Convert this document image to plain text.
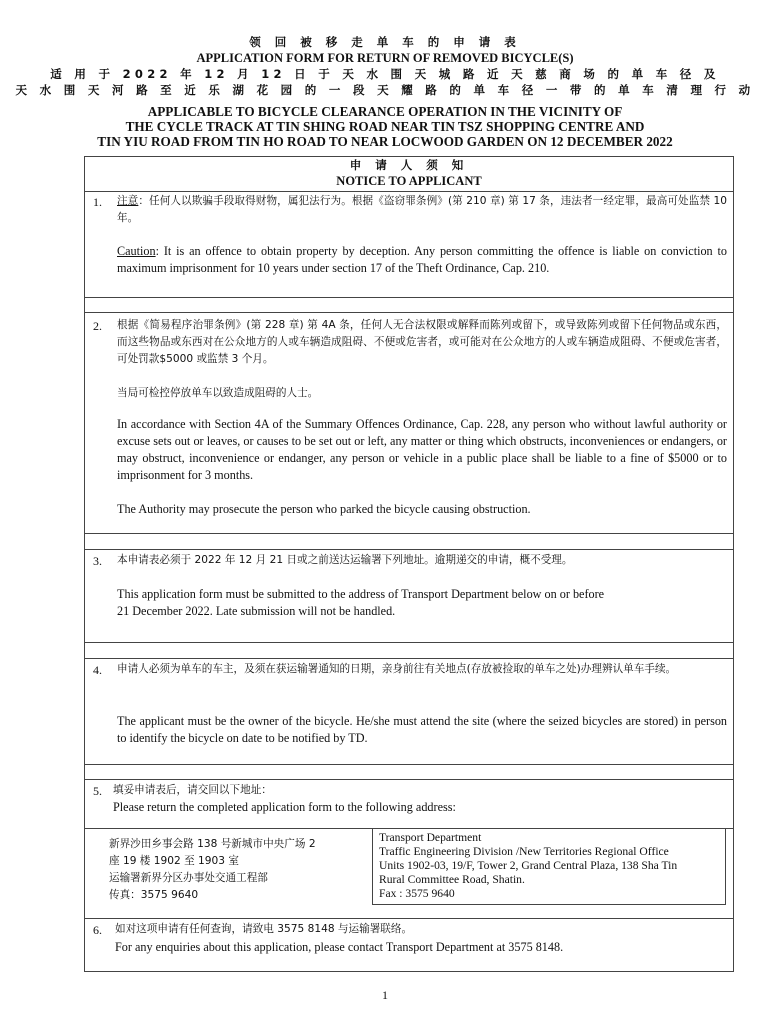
领 回 被 移 走 单 车 的 申 请 表
APPLICATION FORM FOR RETURN OF REMOVED BICYCLE(S)
适 用 于 2022 年 12 月 12 日 于 天 水 围 天 城 路 近 天 慈 商 场 的 单 车 径 及
天 水 围 天 河 路 至 近 乐 湖 花 园 的 一 段 天 耀 路 的 单 车 径 一 带 的 单 车 清 理 行 动
APPLICABLE TO BICYCLE CLEARANCE OPERATION IN THE VICINITY OF
THE CYCLE TRACK AT TIN SHING ROAD NEAR TIN TSZ SHOPPING CENTRE AND
TIN YIU ROAD FROM TIN HO ROAD TO NEAR LOCWOOD GARDEN ON 12 DECEMBER 2022
申 请 人 须 知
NOTICE TO APPLICANT
1. 注意：任何人以欺骗手段取得财物，属犯法行为。根据《盗窃罪条例》(第 210 章) 第 17 条，违法者一经定罪，最高可处监禁 10 年。
Caution: It is an offence to obtain property by deception. Any person committing the offence is liable on conviction to maximum imprisonment for 10 years under section 17 of the Theft Ordinance, Cap. 210.
2. 根据《简易程序治罪条例》(第 228 章) 第 4A 条，任何人无合法权限或解释而陈列或留下，或导致陈列或留下任何物品或东西，而这些物品或东西对在公众地方的人或车辆造成阻碍、不便或危害者，或可能对在公众地方的人或车辆造成阻碍、不便或危害者，可处罚款$5000 或监禁 3 个月。
当局可检控停放单车以致造成阻碍的人士。
In accordance with Section 4A of the Summary Offences Ordinance, Cap. 228, any person who without lawful authority or excuse sets out or leaves, or causes to be set out or left, any matter or thing which obstructs, inconveniences or endangers, or may obstruct, inconvenience or endanger, any person or vehicle in a public place shall be liable to a fine of $5000 or to imprisonment for 3 months.
The Authority may prosecute the person who parked the bicycle causing obstruction.
3. 本申请表必须于 2022 年 12 月 21 日或之前送达运输署下列地址。逾期递交的申请，概不受理。
This application form must be submitted to the address of Transport Department below on or before
21 December 2022. Late submission will not be handled.
4. 申请人必须为单车的车主，及须在获运输署通知的日期，亲身前往有关地点(存放被捡取的单车之处)办理辨认单车手续。
The applicant must be the owner of the bicycle. He/she must attend the site (where the seized bicycles are stored) in person to identify the bicycle on date to be notified by TD.
5. 填妥申请表后，请交回以下地址：
Please return the completed application form to the following address:
新界沙田乡事会路 138 号新城市中央广场 2
座 19 楼 1902 至 1903 室
运输署新界分区办事处交通工程部
传真：3575 9640
Transport Department
Traffic Engineering Division /New Territories Regional Office
Units 1902-03, 19/F, Tower 2, Grand Central Plaza, 138 Sha Tin
Rural Committee Road, Shatin.
Fax : 3575 9640
6. 如对这项申请有任何查询，请致电 3575 8148 与运输署联络。
For any enquiries about this application, please contact Transport Department at 3575 8148.
1
